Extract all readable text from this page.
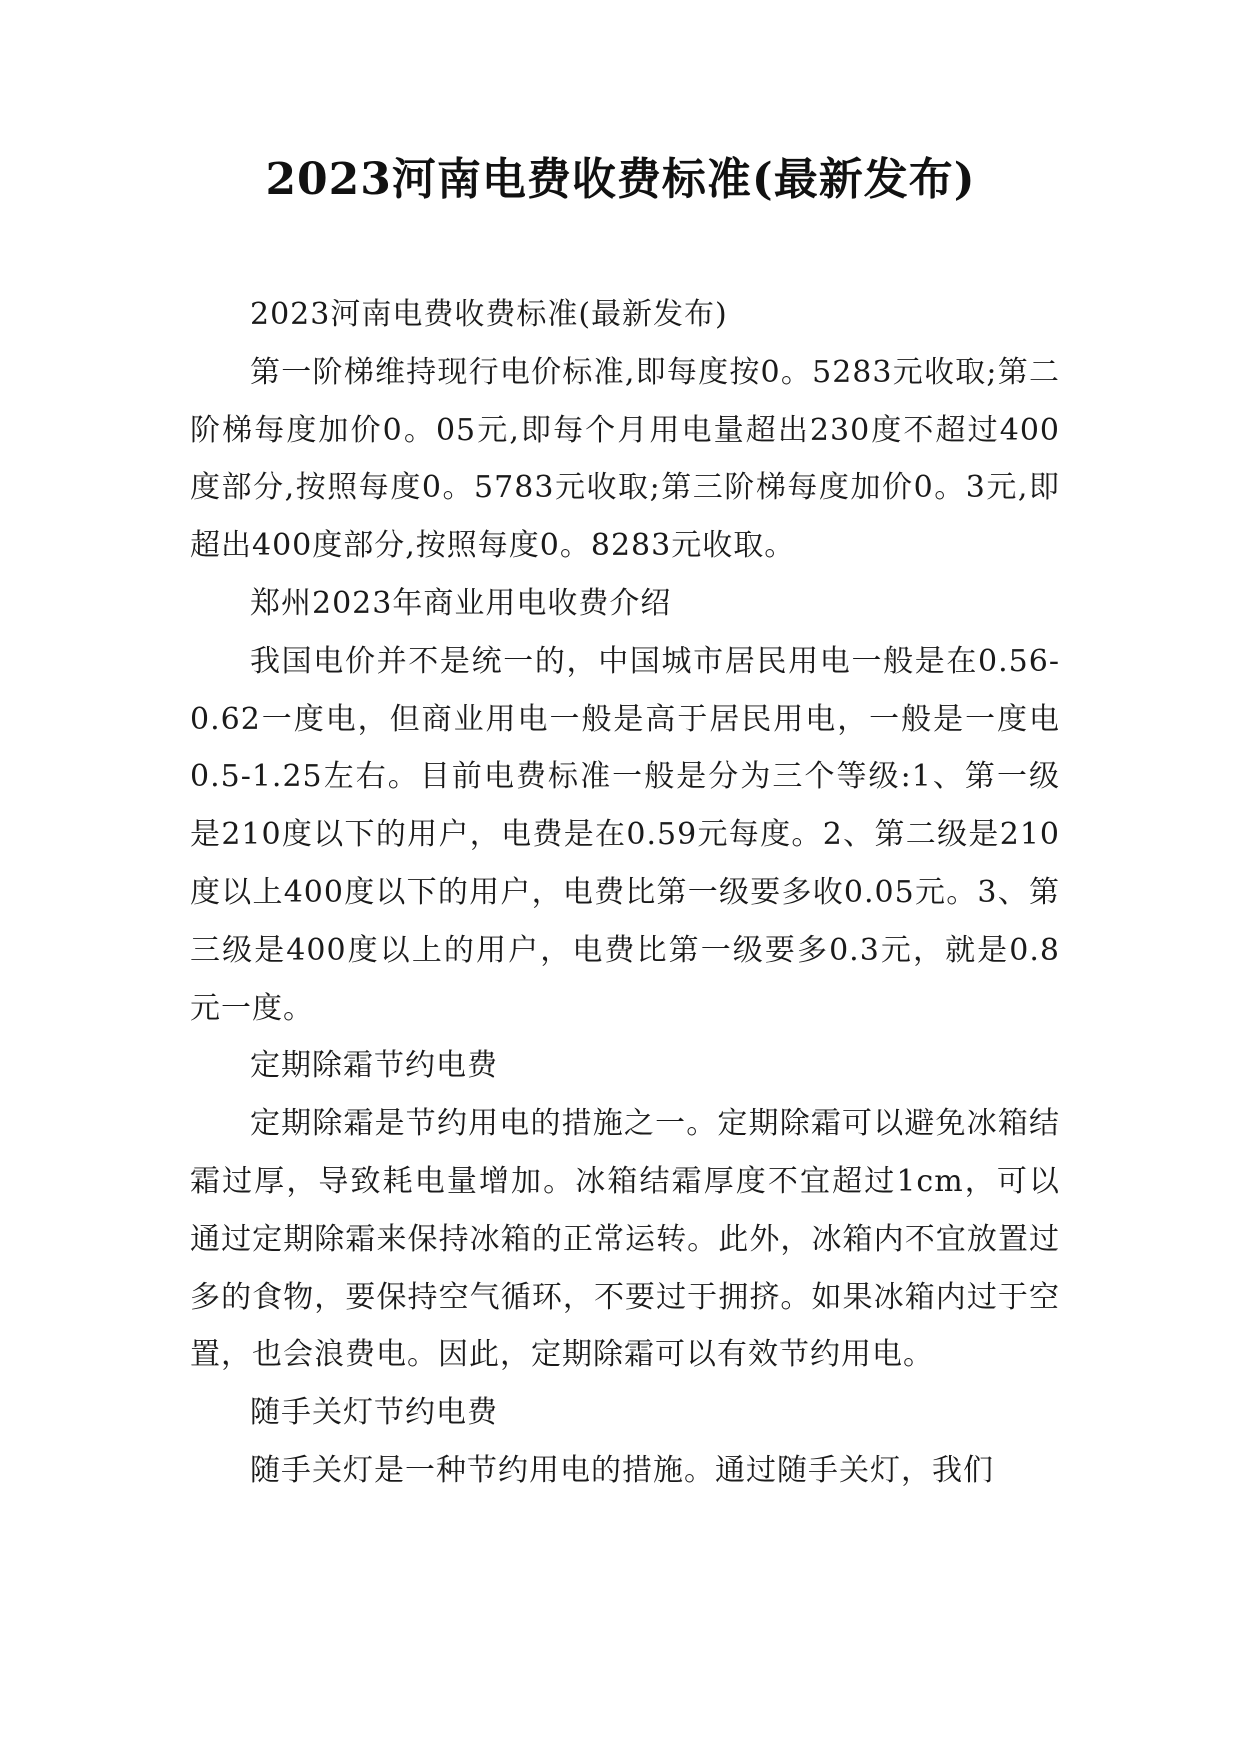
2023河南电费收费标准(最新发布)

2023河南电费收费标准(最新发布)

第一阶梯维持现行电价标准,即每度按0。5283元收取;第二阶梯每度加价0。05元,即每个月用电量超出230度不超过400度部分,按照每度0。5783元收取;第三阶梯每度加价0。3元,即超出400度部分,按照每度0。8283元收取。

郑州2023年商业用电收费介绍

我国电价并不是统一的，中国城市居民用电一般是在0.56-0.62一度电，但商业用电一般是高于居民用电，一般是一度电0.5-1.25左右。目前电费标准一般是分为三个等级:1、第一级是210度以下的用户，电费是在0.59元每度。2、第二级是210度以上400度以下的用户，电费比第一级要多收0.05元。3、第三级是400度以上的用户，电费比第一级要多0.3元，就是0.8元一度。

定期除霜节约电费

定期除霜是节约用电的措施之一。定期除霜可以避免冰箱结霜过厚，导致耗电量增加。冰箱结霜厚度不宜超过1cm，可以通过定期除霜来保持冰箱的正常运转。此外，冰箱内不宜放置过多的食物，要保持空气循环，不要过于拥挤。如果冰箱内过于空置，也会浪费电。因此，定期除霜可以有效节约用电。

随手关灯节约电费

随手关灯是一种节约用电的措施。通过随手关灯，我们
